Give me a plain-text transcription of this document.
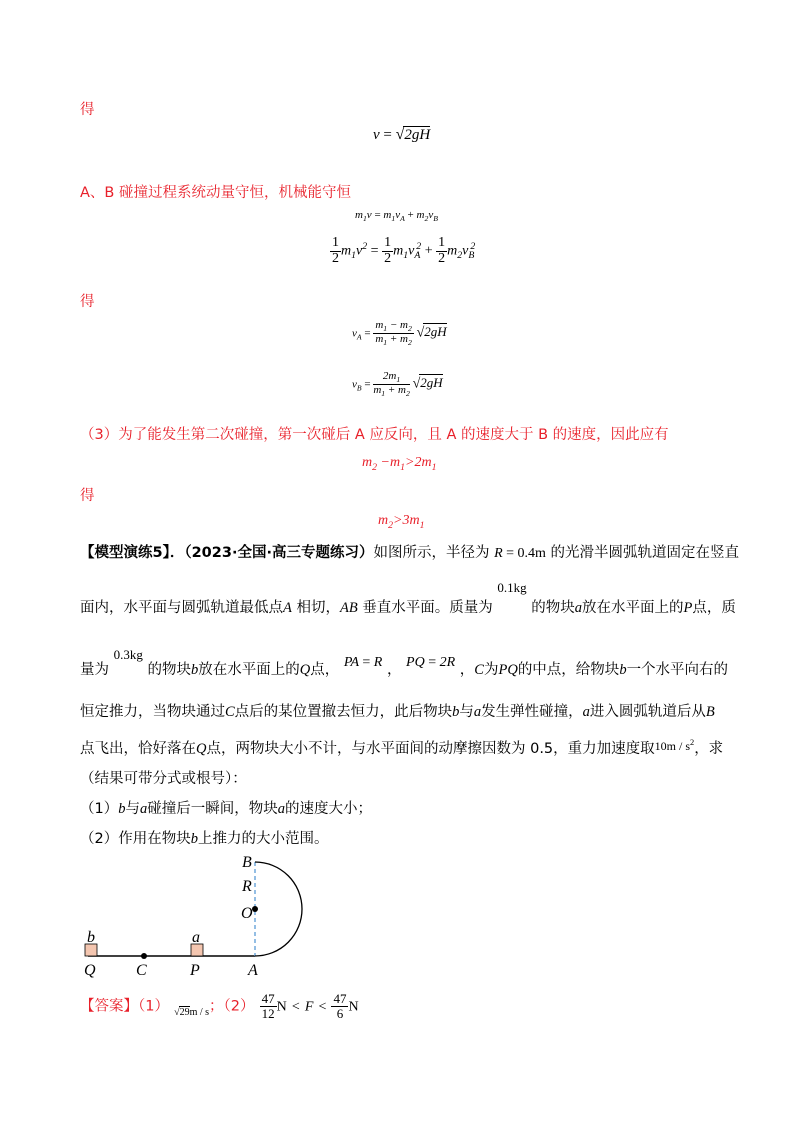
得
v = √2gH
A、B 碰撞过程系统动量守恒，机械能守恒
$m_1v = m_1v_A + m_2v_B$
$\frac{1}{2} m_1v^2 = \frac{1}{2} m_1v_A^2 + \frac{1}{2} m_2v_B^2$
得
$v_A = \frac{m_1 - m_2}{m_1 + m_2} √2gH$
$v_B = \frac{2m_1}{m_1 + m_2} √2gH$
（3）为了能发生第二次碰撞，第一次碰后 A 应反向，且 A 的速度大于 B 的速度，因此应有
$m_2 -m_1>2m_1$
得
$m_2>3m_1$
【模型演练5】．（2023·全国·高三专题练习）如图所示，半径为 R = 0.4m 的光滑半圆弧轨道固定在竖直
面内，水平面与圆弧轨道最低点A 相切，AB 垂直水平面。质量为 0.1kg 的物块a放在水平面上的P点，质
量为 0.3kg 的物块b放在水平面上的Q点， PA = R ， PQ = 2R ，C为PQ的中点，给物块b一个水平向右的
恒定推力，当物块通过C点后的某位置撤去恒力，此后物块b与a发生弹性碰撞，a进入圆弧轨道后从B
点飞出，恰好落在Q点，两物块大小不计，与水平面间的动摩擦因数为 0.5，重力加速度取$^{10m / s^2}$，求
（结果可带分式或根号）：
（1）b与a碰撞后一瞬间，物块a的速度大小；
（2）作用在物块b上推力的大小范围。
B
R
O
b	a
Q	C	P	A
【答案】（1） $_{√29m / s}$；$(2) \frac{47}{12}$ $N < F < \frac{47}{6}$ N
